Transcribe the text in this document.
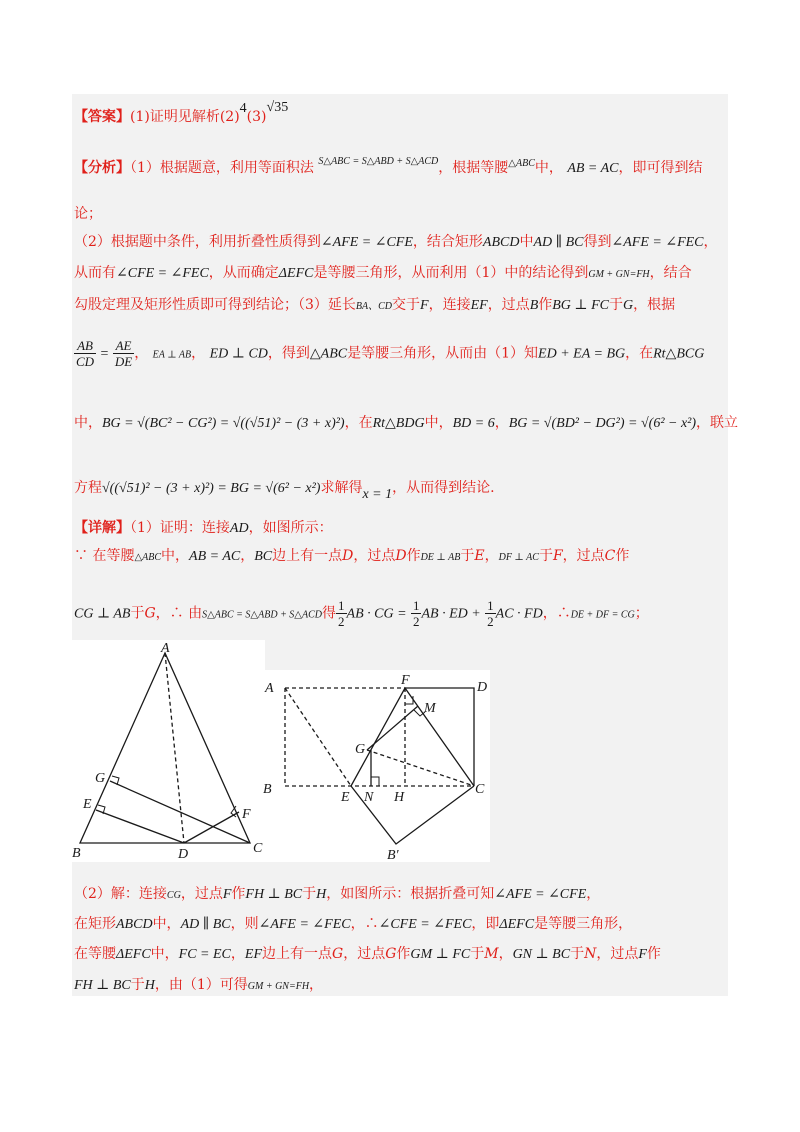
【答案】(1)证明见解析(2)4(3)√35
【分析】（1）根据题意，利用等面积法 $^{S\triangle ABC = S\triangle ABD + S\triangle ACD}$，根据等腰$^{\triangle ABC}$中， AB = AC，即可得到结
论；
（2）根据题中条件，利用折叠性质得到∠AFE = ∠CFE，结合矩形ABCD中AD ∥ BC得到∠AFE = ∠FEC，
从而有∠CFE = ∠FEC，从而确定ΔEFC是等腰三角形，从而利用（1）中的结论得到GM + GN=FH，结合
勾股定理及矩形性质即可得到结论；（3）延长BA、CD交于F，连接EF，过点B作BG ⊥ FC于G，根据
$\frac{AB}{CD} = \frac{AE}{DE}$ ， EA ⊥ AB， ED ⊥ CD，得到△ABC是等腰三角形，从而由（1）知ED + EA = BG，在Rt△BCG
中，BG = √(BC² − CG²) = √((√51)² − (3 + x)²)，在Rt△BDG中，BD = 6，BG = √(BD² − DG²) = √(6² − x²)，联立
方程√((√51)² − (3 + x)²) = BG = √(6² − x²)求解得x = 1，从而得到结论.
【详解】（1）证明：连接AD，如图所示：
∵ 在等腰△ABC中，AB = AC，BC边上有一点D，过点D作DE ⊥ AB于E，DF ⊥ AC于F，过点C作
CG ⊥ AB于G，∴ 由S△ABC = S△ABD + S△ACD得 $\frac{1}{2}$ AB · CG = $\frac{1}{2}$ AB · ED + $\frac{1}{2}$ AC · FD，∴DE + DF = CG；
A
B	C
D
E
F
G
A
B	C
D
E
F
G
H
M
N
B′
（2）解：连接CG，过点F作FH ⊥ BC于H，如图所示：根据折叠可知∠AFE = ∠CFE，
在矩形ABCD中，AD ∥ BC，则∠AFE = ∠FEC，∴∠CFE = ∠FEC，即ΔEFC是等腰三角形，
在等腰ΔEFC中，FC = EC，EF边上有一点G，过点G作GM ⊥ FC于M，GN ⊥ BC于N，过点F作
FH ⊥ BC于H，由（1）可得GM + GN=FH，
